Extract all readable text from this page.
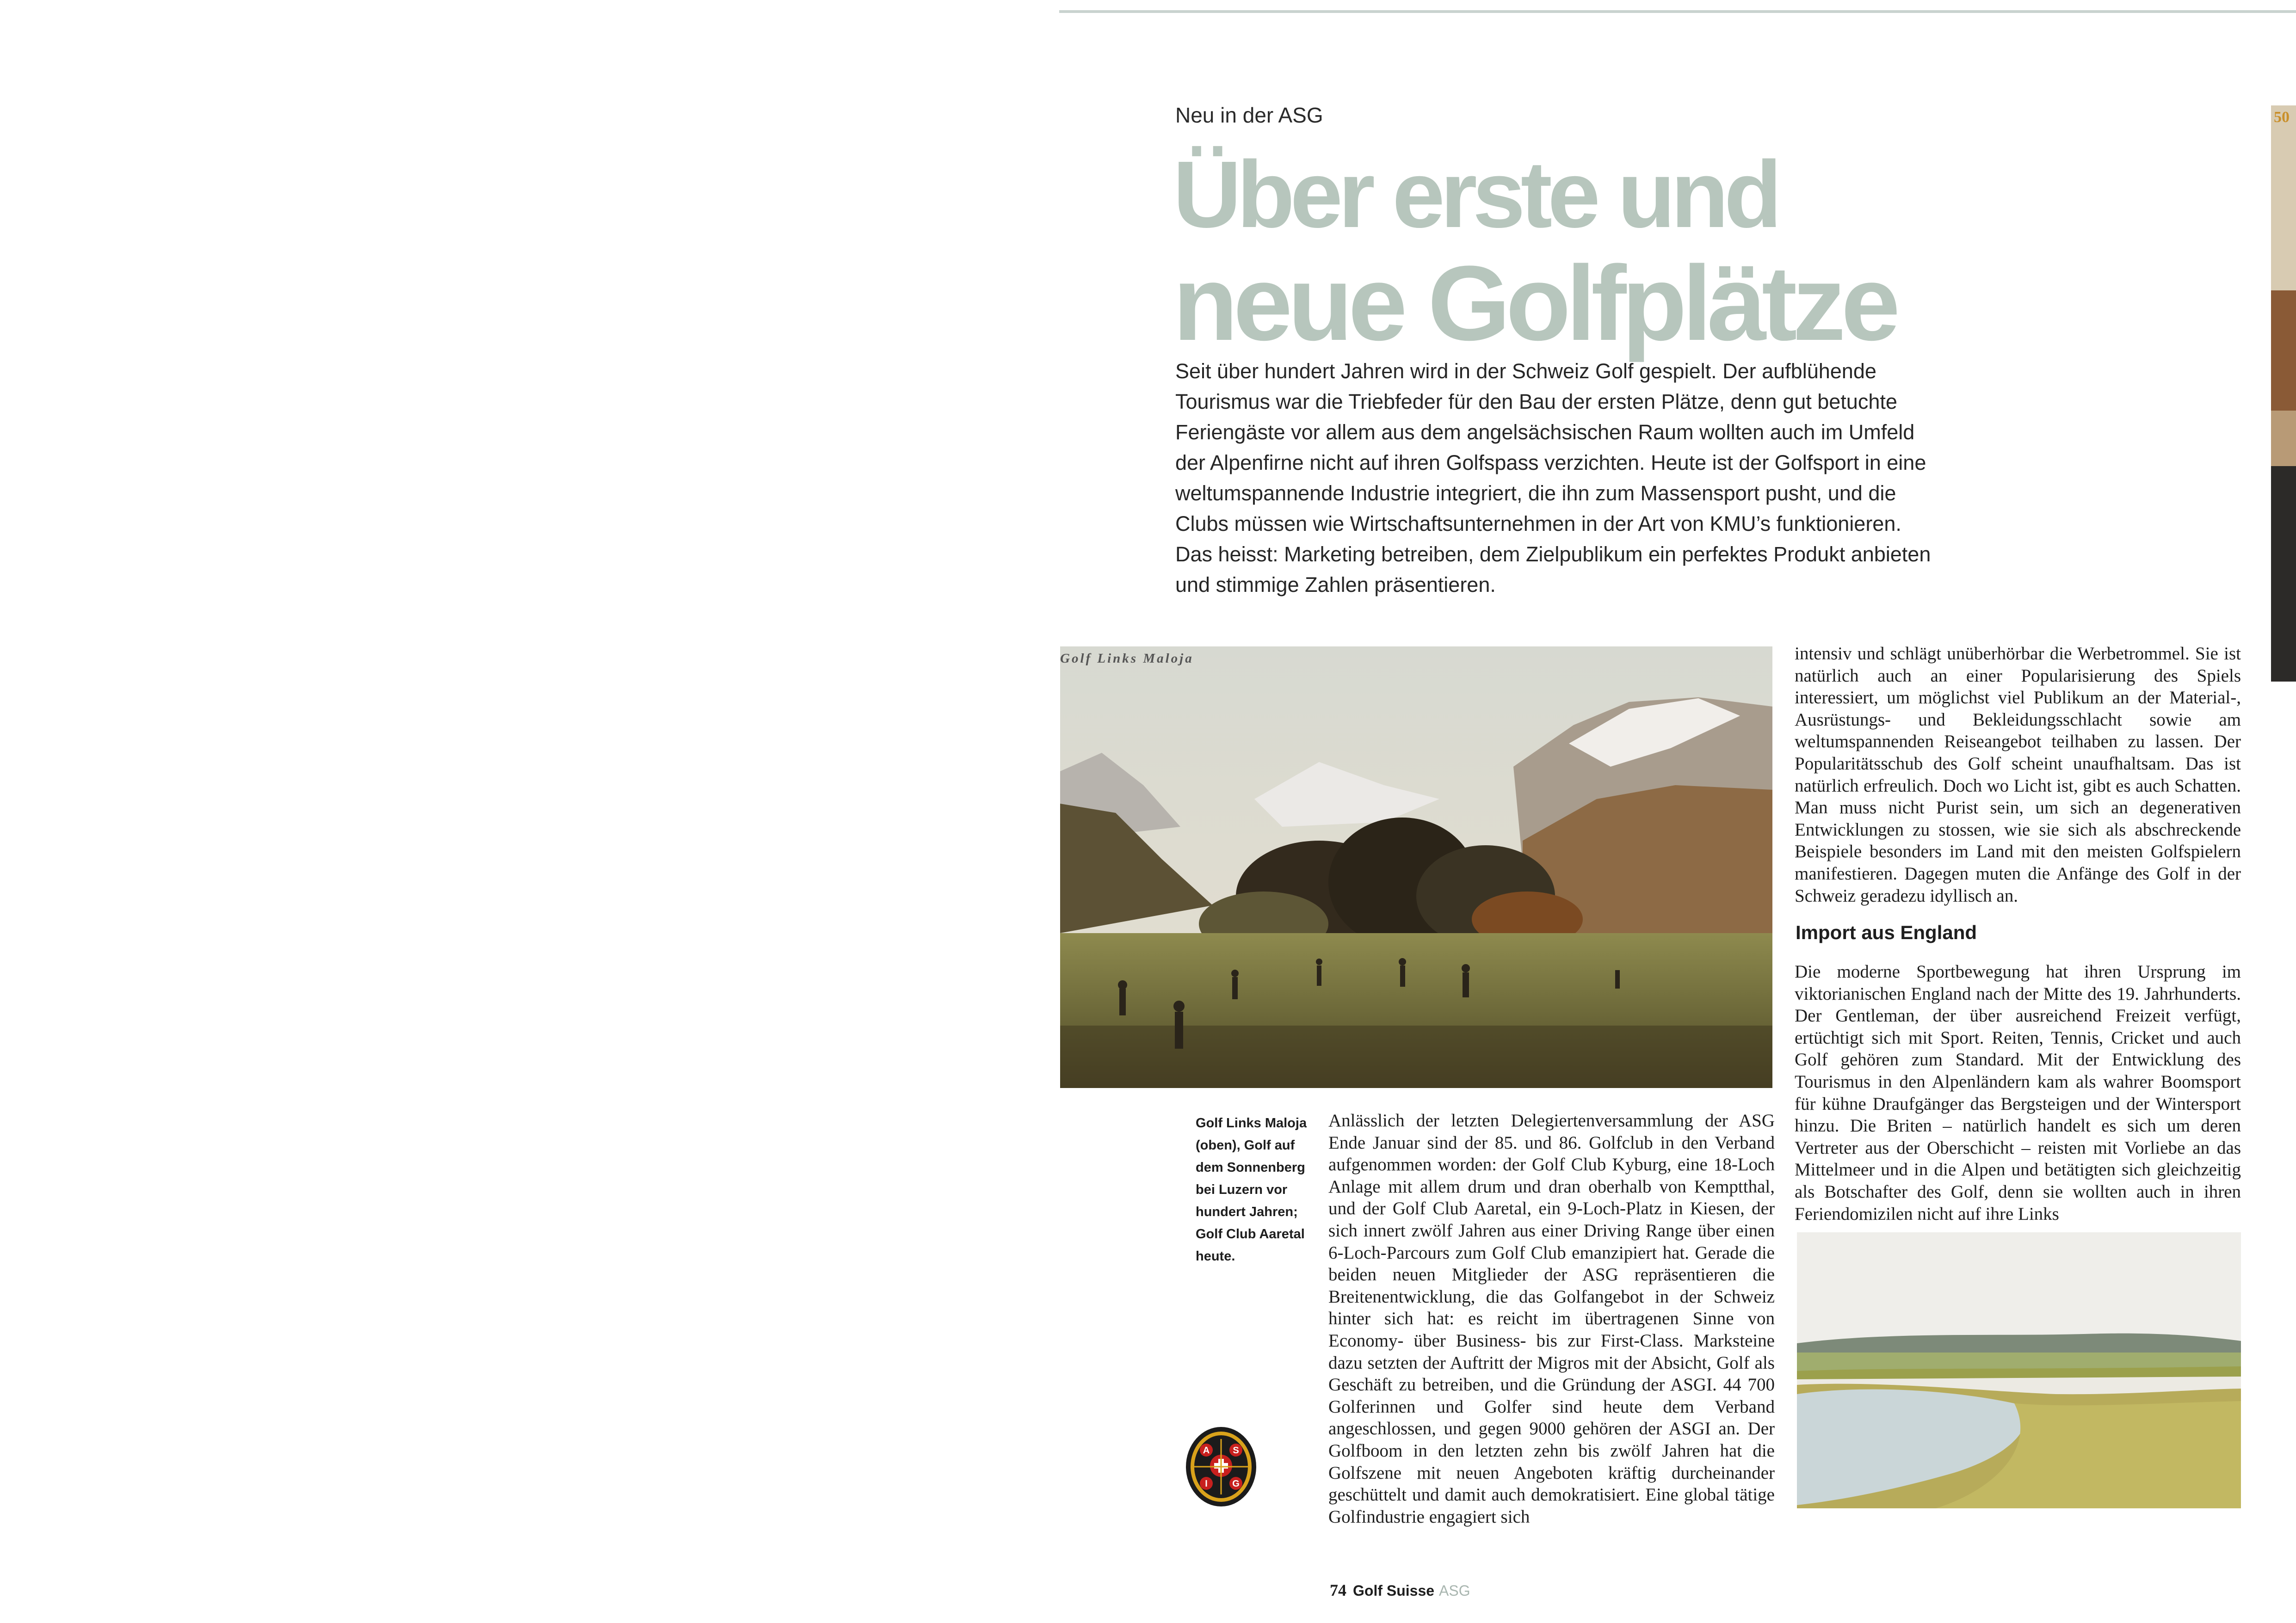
Neu in der ASG
Über erste und
neue Golfplätze

Seit über hundert Jahren wird in der Schweiz Golf gespielt. Der aufblühende Tourismus war die Triebfeder für den Bau der ersten Plätze, denn gut betuchte Feriengäste vor allem aus dem angelsächsischen Raum wollten auch im Umfeld der Alpenfirne nicht auf ihren Golfspass verzichten. Heute ist der Golfsport in eine weltumspannende Industrie integriert, die ihn zum Massensport pusht, und die Clubs müssen wie Wirtschaftsunternehmen in der Art von KMU’s funktionieren. Das heisst: Marketing betreiben, dem Zielpublikum ein perfektes Produkt anbieten und stimmige Zahlen präsentieren.

Golf Links Maloja
Golf Links Maloja (oben), Golf auf dem Sonnenberg bei Luzern vor hundert Jahren; Golf Club Aaretal heute.
A	S
I	G

Anlässlich der letzten Delegiertenversammlung der ASG Ende Januar sind der 85. und 86. Golfclub in den Verband aufgenommen worden: der Golf Club Kyburg, eine 18-Loch Anlage mit allem drum und dran oberhalb von Kemptthal, und der Golf Club Aaretal, ein 9-Loch-Platz in Kiesen, der sich innert zwölf Jahren aus einer Driving Range über einen 6-Loch-Parcours zum Golf Club emanzipiert hat. Gerade die beiden neuen Mitglieder der ASG repräsentieren die Breitenentwicklung, die das Golfangebot in der Schweiz hinter sich hat: es reicht im übertragenen Sinne von Economy- über Business- bis zur First-Class. Marksteine dazu setzten der Auftritt der Migros mit der Absicht, Golf als Geschäft zu betreiben, und die Gründung der ASGI. 44 700 Golferinnen und Golfer sind heute dem Verband angeschlossen, und gegen 9000 gehören der ASGI an. Der Golfboom in den letzten zehn bis zwölf Jahren hat die Golfszene mit neuen Angeboten kräftig durcheinander geschüttelt und damit auch demokratisiert. Eine global tätige Golfindustrie engagiert sich

intensiv und schlägt unüberhörbar die Werbetrommel. Sie ist natürlich auch an einer Popularisierung des Spiels interessiert, um möglichst viel Publikum an der Material-, Ausrüstungs- und Bekleidungsschlacht sowie am weltumspannenden Reiseangebot teilhaben zu lassen. Der Popularitätsschub des Golf scheint unaufhaltsam. Das ist natürlich erfreulich. Doch wo Licht ist, gibt es auch Schatten. Man muss nicht Purist sein, um sich an degenerativen Entwicklungen zu stossen, wie sie sich als abschreckende Beispiele besonders im Land mit den meisten Golfspielern manifestieren. Dagegen muten die Anfänge des Golf in der Schweiz geradezu idyllisch an.

Import aus England

Die moderne Sportbewegung hat ihren Ursprung im viktorianischen England nach der Mitte des 19. Jahrhunderts. Der Gentleman, der über ausreichend Freizeit verfügt, ertüchtigt sich mit Sport. Reiten, Tennis, Cricket und auch Golf gehören zum Standard. Mit der Entwicklung des Tourismus in den Alpenländern kam als wahrer Boomsport für kühne Draufgänger das Bergsteigen und der Wintersport hinzu. Die Briten – natürlich handelt es sich um deren Vertreter aus der Oberschicht – reisten mit Vorliebe an das Mittelmeer und in die Alpen und betätigten sich gleichzeitig als Botschafter des Golf, denn sie wollten auch in ihren Feriendomizilen nicht auf ihre Links

50
74 Golf Suisse ASG
